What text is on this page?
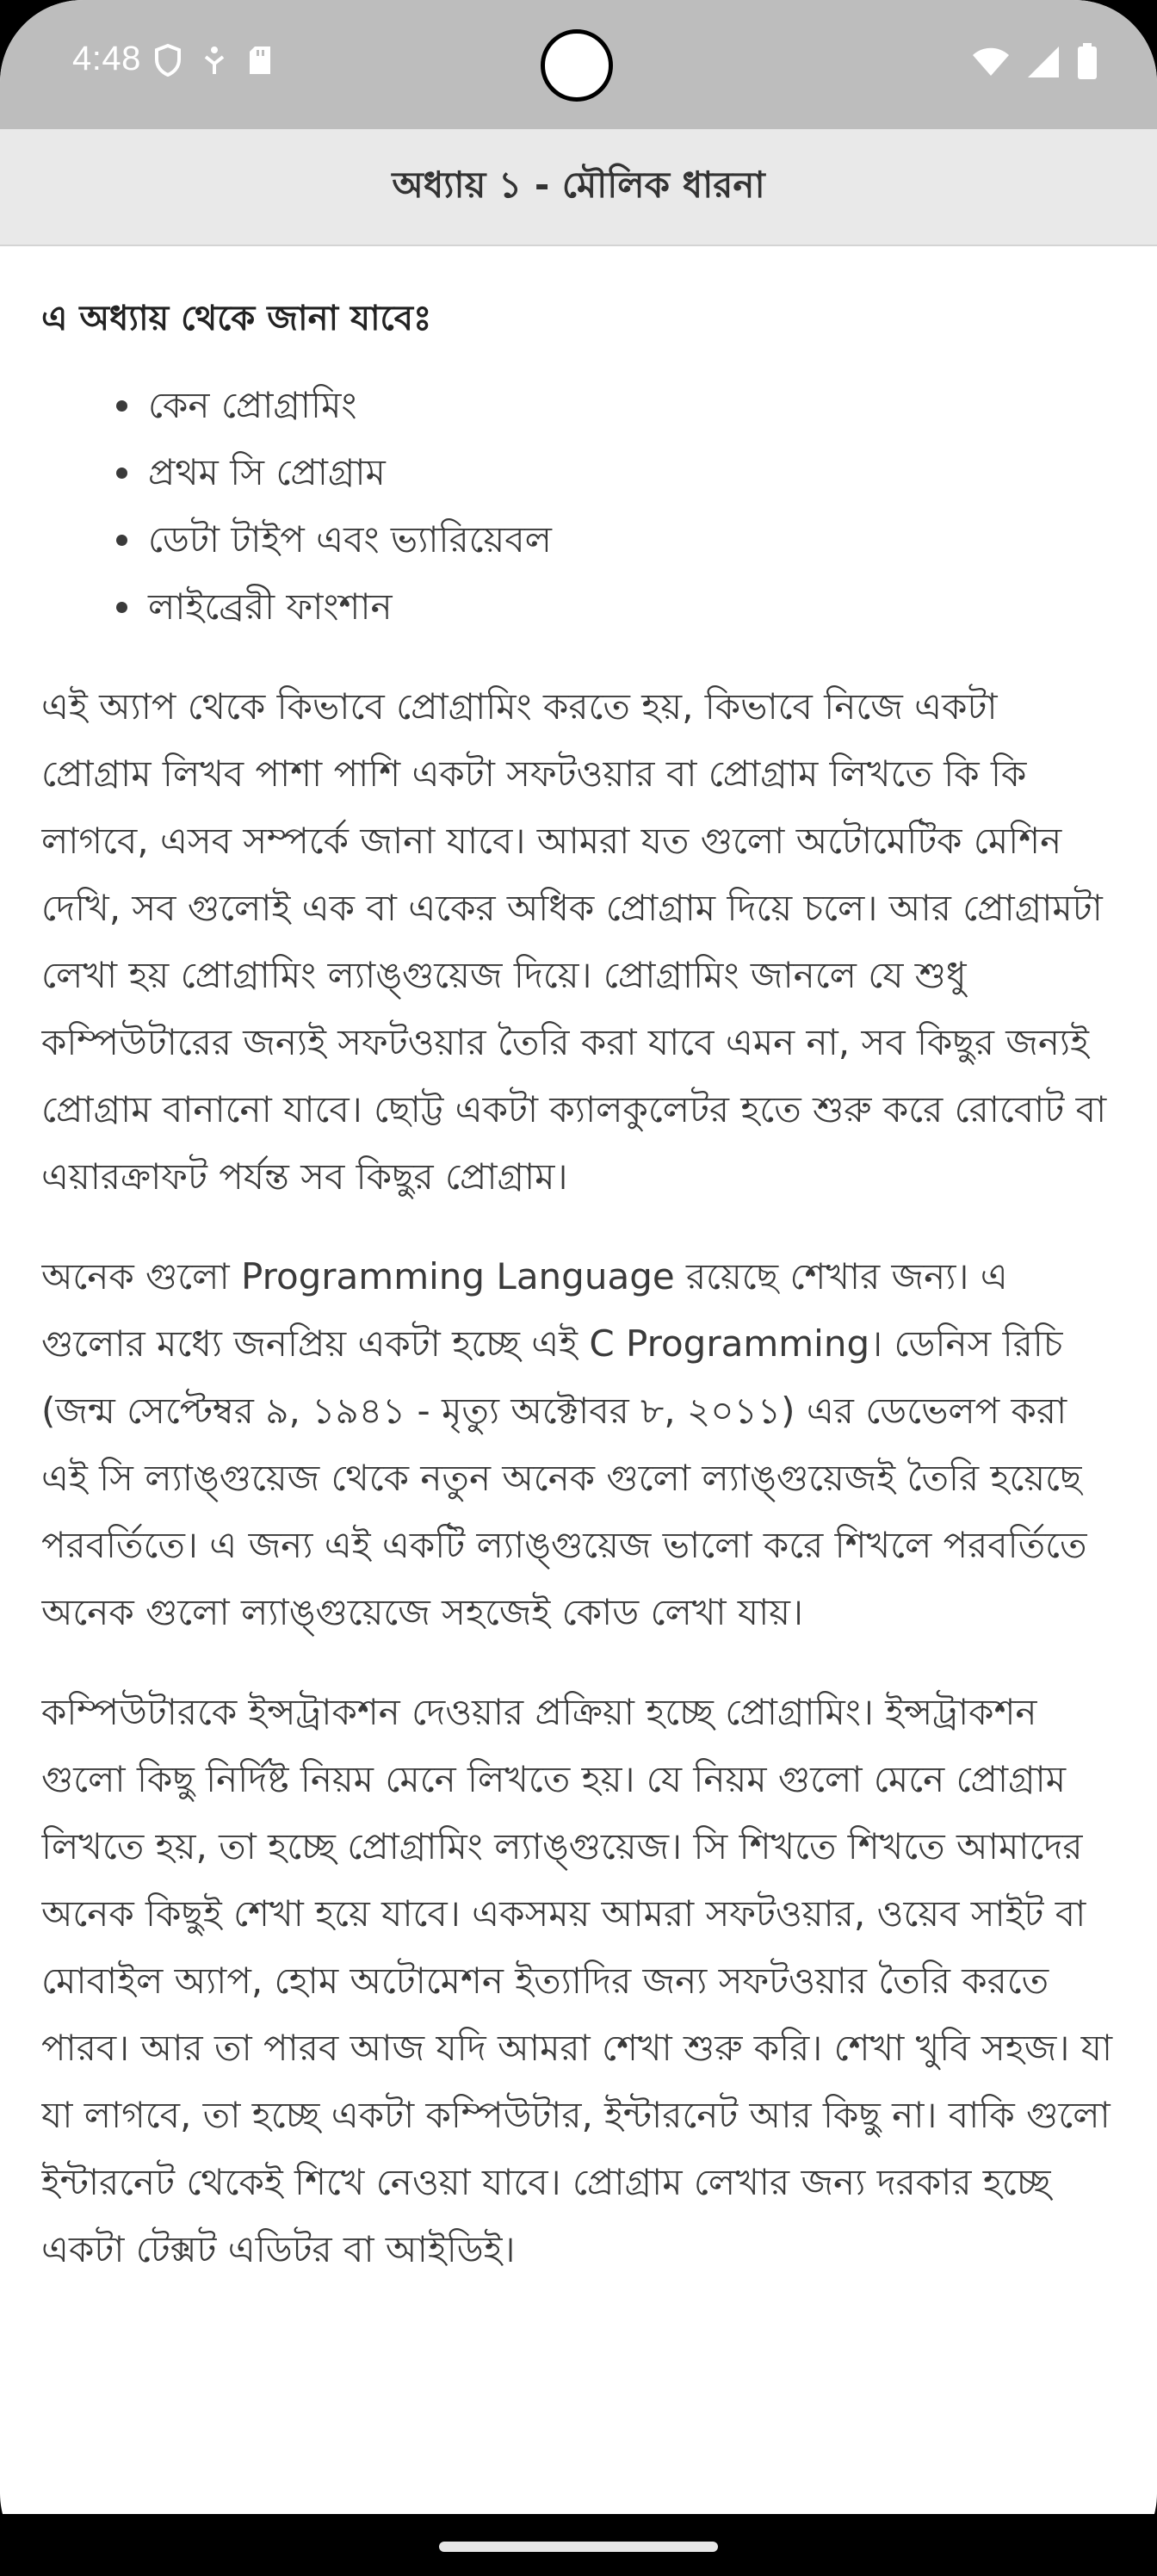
4:48
অধ্যায় ১ - মৌলিক ধারনা

এ অধ্যায় থেকে জানা যাবেঃ

• কেন প্রোগ্রামিং
• প্রথম সি প্রোগ্রাম
• ডেটা টাইপ এবং ভ্যারিয়েবল
• লাইব্রেরী ফাংশান

এই অ্যাপ থেকে কিভাবে প্রোগ্রামিং করতে হয়, কিভাবে নিজে একটা প্রোগ্রাম লিখব পাশা পাশি একটা সফটওয়ার বা প্রোগ্রাম লিখতে কি কি লাগবে, এসব সম্পর্কে জানা যাবে। আমরা যত গুলো অটোমেটিক মেশিন দেখি, সব গুলোই এক বা একের অধিক প্রোগ্রাম দিয়ে চলে। আর প্রোগ্রামটা লেখা হয় প্রোগ্রামিং ল্যাঙ্গুয়েজ দিয়ে। প্রোগ্রামিং জানলে যে শুধু কম্পিউটারের জন্যই সফটওয়ার তৈরি করা যাবে এমন না, সব কিছুর জন্যই প্রোগ্রাম বানানো যাবে। ছোট্ট একটা ক্যালকুলেটর হতে শুরু করে রোবোট বা এয়ারক্রাফট পর্যন্ত সব কিছুর প্রোগ্রাম।

অনেক গুলো Programming Language রয়েছে শেখার জন্য। এ গুলোর মধ্যে জনপ্রিয় একটা হচ্ছে এই C Programming। ডেনিস রিচি (জন্ম সেপ্টেম্বর ৯, ১৯৪১ - মৃত্যু অক্টোবর ৮, ২০১১) এর ডেভেলপ করা এই সি ল্যাঙ্গুয়েজ থেকে নতুন অনেক গুলো ল্যাঙ্গুয়েজই তৈরি হয়েছে পরবর্তিতে। এ জন্য এই একটি ল্যাঙ্গুয়েজ ভালো করে শিখলে পরবর্তিতে অনেক গুলো ল্যাঙ্গুয়েজে সহজেই কোড লেখা যায়।

কম্পিউটারকে ইন্সট্রাকশন দেওয়ার প্রক্রিয়া হচ্ছে প্রোগ্রামিং। ইন্সট্রাকশন গুলো কিছু নির্দিষ্ট নিয়ম মেনে লিখতে হয়। যে নিয়ম গুলো মেনে প্রোগ্রাম লিখতে হয়, তা হচ্ছে প্রোগ্রামিং ল্যাঙ্গুয়েজ। সি শিখতে শিখতে আমাদের অনেক কিছুই শেখা হয়ে যাবে। একসময় আমরা সফটওয়ার, ওয়েব সাইট বা মোবাইল অ্যাপ, হোম অটোমেশন ইত্যাদির জন্য সফটওয়ার তৈরি করতে পারব। আর তা পারব আজ যদি আমরা শেখা শুরু করি। শেখা খুবি সহজ। যা যা লাগবে, তা হচ্ছে একটা কম্পিউটার, ইন্টারনেট আর কিছু না। বাকি গুলো ইন্টারনেট থেকেই শিখে নেওয়া যাবে। প্রোগ্রাম লেখার জন্য দরকার হচ্ছে একটা টেক্সট এডিটর বা আইডিই।
